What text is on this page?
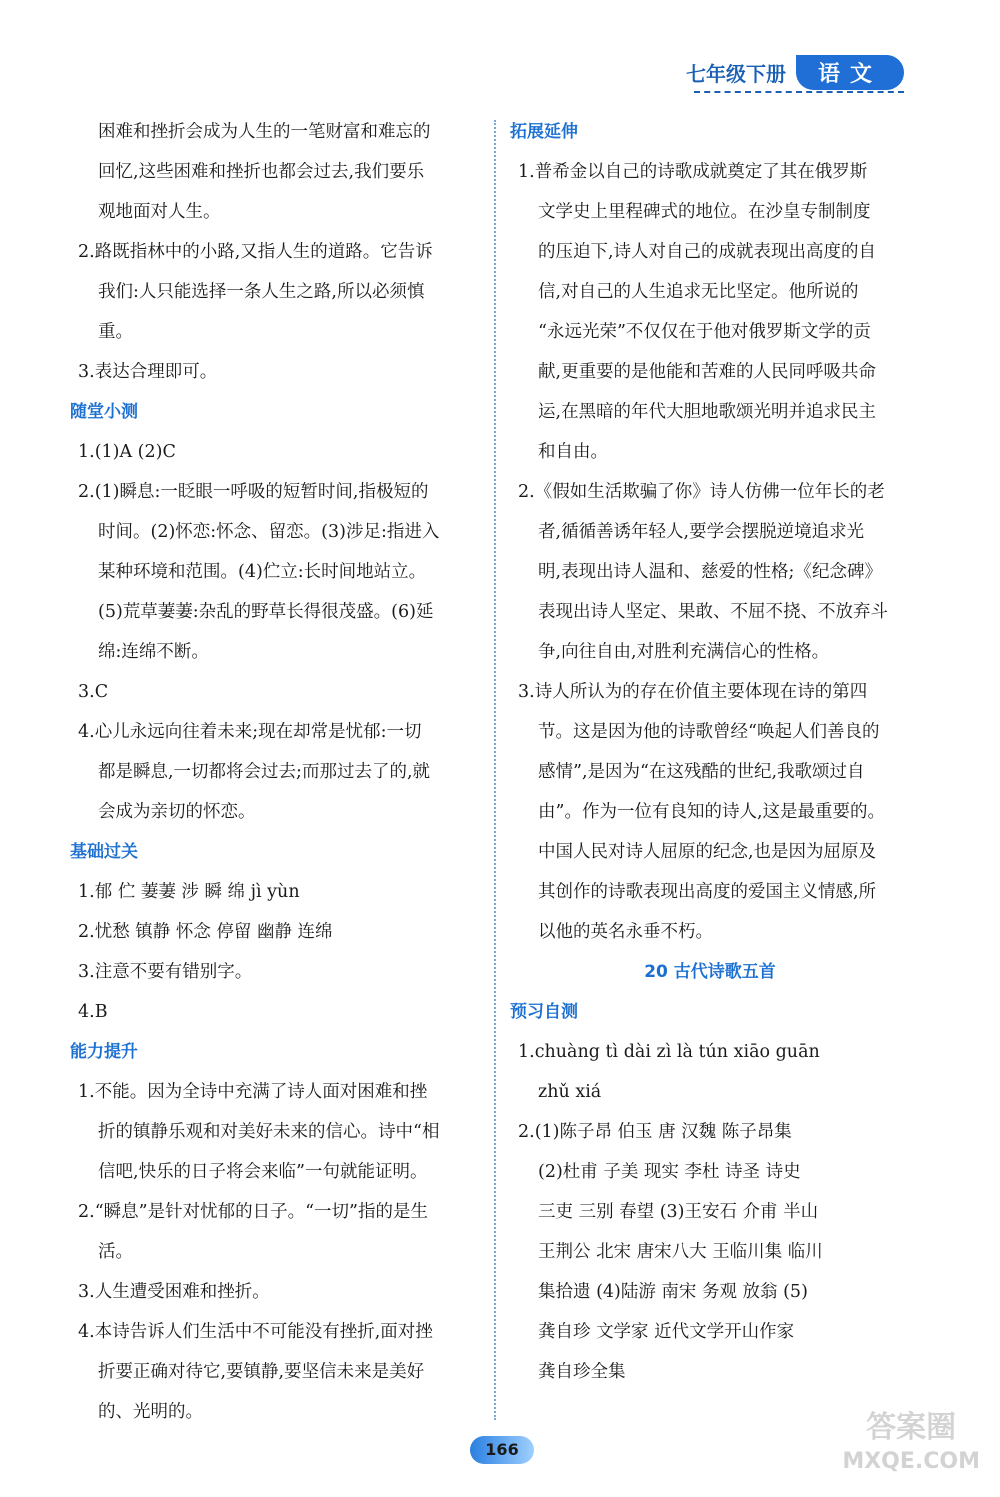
七年级下册	语文
困难和挫折会成为人生的一笔财富和难忘的
回忆,这些困难和挫折也都会过去,我们要乐
观地面对人生。
2.路既指林中的小路,又指人生的道路。它告诉
我们:人只能选择一条人生之路,所以必须慎
重。
3.表达合理即可。
随堂小测
1.(1)A (2)C
2.(1)瞬息:一眨眼一呼吸的短暂时间,指极短的
时间。(2)怀恋:怀念、留恋。(3)涉足:指进入
某种环境和范围。(4)伫立:长时间地站立。
(5)荒草萋萋:杂乱的野草长得很茂盛。(6)延
绵:连绵不断。
3.C
4.心儿永远向往着未来;现在却常是忧郁:一切
都是瞬息,一切都将会过去;而那过去了的,就
会成为亲切的怀恋。
基础过关
1.郁 伫 萋萋 涉 瞬 绵 jì yùn
2.忧愁 镇静 怀念 停留 幽静 连绵
3.注意不要有错别字。
4.B
能力提升
1.不能。因为全诗中充满了诗人面对困难和挫
折的镇静乐观和对美好未来的信心。诗中“相
信吧,快乐的日子将会来临”一句就能证明。
2.“瞬息”是针对忧郁的日子。“一切”指的是生
活。
3.人生遭受困难和挫折。
4.本诗告诉人们生活中不可能没有挫折,面对挫
折要正确对待它,要镇静,要坚信未来是美好
的、光明的。
拓展延伸
1.普希金以自己的诗歌成就奠定了其在俄罗斯
文学史上里程碑式的地位。在沙皇专制制度
的压迫下,诗人对自己的成就表现出高度的自
信,对自己的人生追求无比坚定。他所说的
“永远光荣”不仅仅在于他对俄罗斯文学的贡
献,更重要的是他能和苦难的人民同呼吸共命
运,在黑暗的年代大胆地歌颂光明并追求民主
和自由。
2.《假如生活欺骗了你》诗人仿佛一位年长的老
者,循循善诱年轻人,要学会摆脱逆境追求光
明,表现出诗人温和、慈爱的性格;《纪念碑》
表现出诗人坚定、果敢、不屈不挠、不放弃斗
争,向往自由,对胜利充满信心的性格。
3.诗人所认为的存在价值主要体现在诗的第四
节。这是因为他的诗歌曾经“唤起人们善良的
感情”,是因为“在这残酷的世纪,我歌颂过自
由”。作为一位有良知的诗人,这是最重要的。
中国人民对诗人屈原的纪念,也是因为屈原及
其创作的诗歌表现出高度的爱国主义情感,所
以他的英名永垂不朽。
20 古代诗歌五首
预习自测
1.chuàng tì dài zì là tún xiāo guān
zhǔ xiá
2.(1)陈子昂 伯玉 唐 汉魏 陈子昂集
(2)杜甫 子美 现实 李杜 诗圣 诗史
三吏 三别 春望 (3)王安石 介甫 半山
王荆公 北宋 唐宋八大 王临川集 临川
集拾遗 (4)陆游 南宋 务观 放翁 (5)
龚自珍 文学家 近代文学开山作家
龚自珍全集
166
答案圈
MXQE.COM
